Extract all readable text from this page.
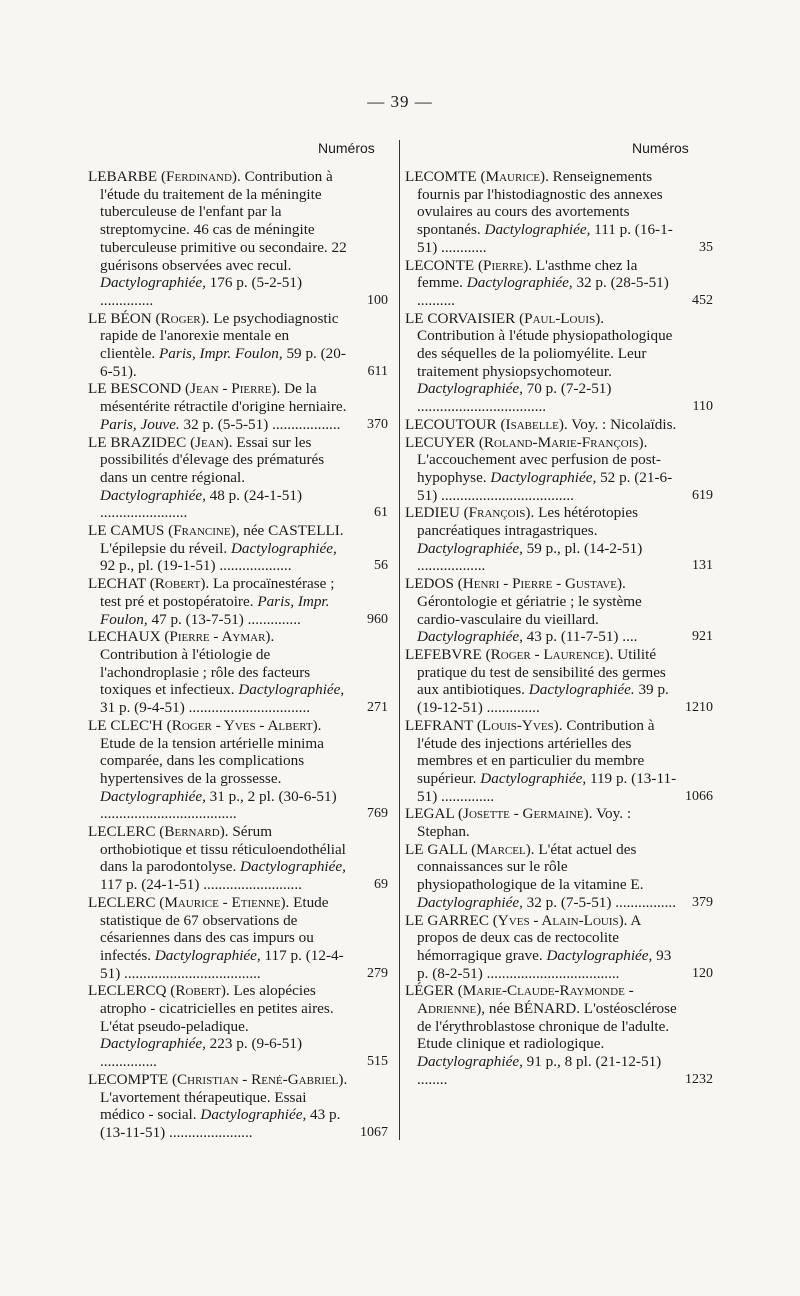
— 39 —
Numéros	Numéros
LEBARBE (Ferdinand). Contribution à l'étude du traitement de la méningite tuberculeuse de l'enfant par la streptomycine. 46 cas de méningite tuberculeuse primitive ou secondaire. 22 guérisons observées avec recul. Dactylographiée, 176 p. (5-2-51) ..............	100
LE BÉON (Roger). Le psychodiagnostic rapide de l'anorexie mentale en clientèle. Paris, Impr. Foulon, 59 p. (20-6-51).	611
LE BESCOND (Jean - Pierre). De la mésentérite rétractile d'origine herniaire. Paris, Jouve. 32 p. (5-5-51) ..................	370
LE BRAZIDEC (Jean). Essai sur les possibilités d'élevage des prématurés dans un centre régional. Dactylographiée, 48 p. (24-1-51) .......................	61
LE CAMUS (Francine), née CASTELLI. L'épilepsie du réveil. Dactylographiée, 92 p., pl. (19-1-51) ...................	56
LECHAT (Robert). La procaïnestérase ; test pré et postopératoire. Paris, Impr. Foulon, 47 p. (13-7-51) ..............	960
LECHAUX (Pierre - Aymar). Contribution à l'étiologie de l'achondroplasie ; rôle des facteurs toxiques et infectieux. Dactylographiée, 31 p. (9-4-51) ................................	271
LE CLEC'H (Roger - Yves - Albert). Etude de la tension artérielle minima comparée, dans les complications hypertensives de la grossesse. Dactylographiée, 31 p., 2 pl. (30-6-51) ....................................	769
LECLERC (Bernard). Sérum orthobiotique et tissu réticuloendothélial dans la parodontolyse. Dactylographiée, 117 p. (24-1-51) ..........................	69
LECLERC (Maurice - Etienne). Etude statistique de 67 observations de césariennes dans des cas impurs ou infectés. Dactylographiée, 117 p. (12-4-51) ....................................	279
LECLERCQ (Robert). Les alopécies atropho - cicatricielles en petites aires. L'état pseudo-peladique. Dactylographiée, 223 p. (9-6-51) ...............	515
LECOMPTE (Christian - René-Gabriel). L'avortement thérapeutique. Essai médico - social. Dactylographiée, 43 p. (13-11-51) ......................	1067
LECOMTE (Maurice). Renseignements fournis par l'histodiagnostic des annexes ovulaires au cours des avortements spontanés. Dactylographiée, 111 p. (16-1-51) ............	35
LECONTE (Pierre). L'asthme chez la femme. Dactylographiée, 32 p. (28-5-51) ..........	452
LE CORVAISIER (Paul-Louis). Contribution à l'étude physiopathologique des séquelles de la poliomyélite. Leur traitement physiopsychomoteur. Dactylographiée, 70 p. (7-2-51) ..................................	110
LECOUTOUR (Isabelle). Voy. : Nicolaïdis.
LECUYER (Roland-Marie-François). L'accouchement avec perfusion de post-hypophyse. Dactylographiée, 52 p. (21-6-51) ...................................	619
LEDIEU (François). Les hétérotopies pancréatiques intragastriques. Dactylographiée, 59 p., pl. (14-2-51) ..................	131
LEDOS (Henri - Pierre - Gustave). Gérontologie et gériatrie ; le système cardio-vasculaire du vieillard. Dactylographiée, 43 p. (11-7-51) ....	921
LEFEBVRE (Roger - Laurence). Utilité pratique du test de sensibilité des germes aux antibiotiques. Dactylographiée. 39 p. (19-12-51) ..............	1210
LEFRANT (Louis-Yves). Contribution à l'étude des injections artérielles des membres et en particulier du membre supérieur. Dactylographiée, 119 p. (13-11-51) ..............	1066
LEGAL (Josette - Germaine). Voy. : Stephan.
LE GALL (Marcel). L'état actuel des connaissances sur le rôle physiopathologique de la vitamine E. Dactylographiée, 32 p. (7-5-51) ................	379
LE GARREC (Yves - Alain-Louis). A propos de deux cas de rectocolite hémorragique grave. Dactylographiée, 93 p. (8-2-51) ...................................	120
LÉGER (Marie-Claude-Raymonde - Adrienne), née BÉNARD. L'ostéosclérose de l'érythroblastose chronique de l'adulte. Etude clinique et radiologique. Dactylographiée, 91 p., 8 pl. (21-12-51) ........	1232
